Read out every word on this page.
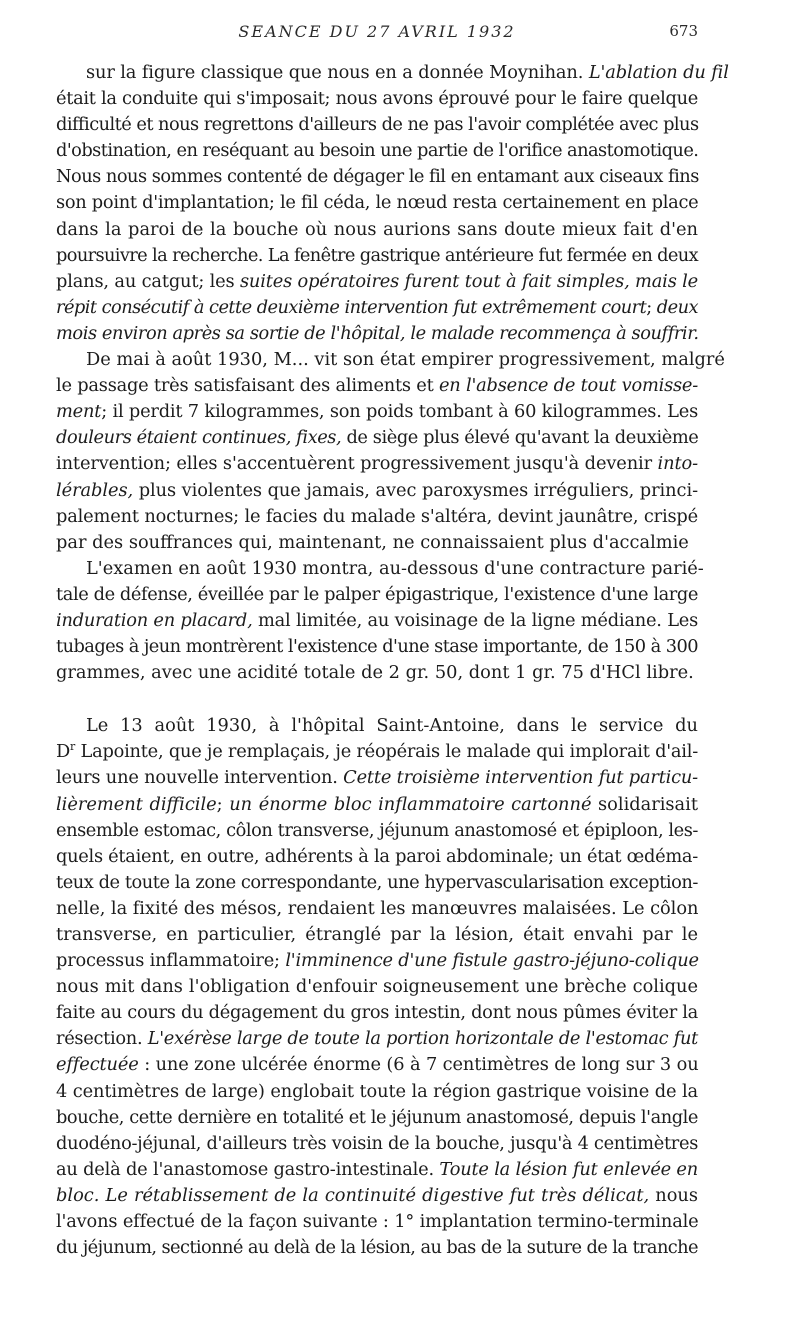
SEANCE DU 27 AVRIL 1932	673
sur la figure classique que nous en a donnée Moynihan. L'ablation du fil
était la conduite qui s'imposait; nous avons éprouvé pour le faire quelque
difficulté et nous regrettons d'ailleurs de ne pas l'avoir complétée avec plus
d'obstination, en reséquant au besoin une partie de l'orifice anastomotique.
Nous nous sommes contenté de dégager le fil en entamant aux ciseaux fins
son point d'implantation; le fil céda, le nœud resta certainement en place
dans la paroi de la bouche où nous aurions sans doute mieux fait d'en
poursuivre la recherche. La fenêtre gastrique antérieure fut fermée en deux
plans, au catgut; les suites opératoires furent tout à fait simples, mais le
répit consécutif à cette deuxième intervention fut extrêmement court; deux
mois environ après sa sortie de l'hôpital, le malade recommença à souffrir.
De mai à août 1930, M... vit son état empirer progressivement, malgré
le passage très satisfaisant des aliments et en l'absence de tout vomisse-
ment; il perdit 7 kilogrammes, son poids tombant à 60 kilogrammes. Les
douleurs étaient continues, fixes, de siège plus élevé qu'avant la deuxième
intervention; elles s'accentuèrent progressivement jusqu'à devenir into-
lérables, plus violentes que jamais, avec paroxysmes irréguliers, princi-
palement nocturnes; le facies du malade s'altéra, devint jaunâtre, crispé
par des souffrances qui, maintenant, ne connaissaient plus d'accalmie
L'examen en août 1930 montra, au-dessous d'une contracture parié-
tale de défense, éveillée par le palper épigastrique, l'existence d'une large
induration en placard, mal limitée, au voisinage de la ligne médiane. Les
tubages à jeun montrèrent l'existence d'une stase importante, de 150 à 300
grammes, avec une acidité totale de 2 gr. 50, dont 1 gr. 75 d'HCl libre.
Le 13 août 1930, à l'hôpital Saint-Antoine, dans le service du
$D^r$ Lapointe, que je remplaçais, je réopérais le malade qui implorait d'ail-
leurs une nouvelle intervention. Cette troisième intervention fut particu-
lièrement difficile; un énorme bloc inflammatoire cartonné solidarisait
ensemble estomac, côlon transverse, jéjunum anastomosé et épiploon, les-
quels étaient, en outre, adhérents à la paroi abdominale; un état œdéma-
teux de toute la zone correspondante, une hypervascularisation exception-
nelle, la fixité des mésos, rendaient les manœuvres malaisées. Le côlon
transverse, en particulier, étranglé par la lésion, était envahi par le
processus inflammatoire; l'imminence d'une fistule gastro-jéjuno-colique
nous mit dans l'obligation d'enfouir soigneusement une brèche colique
faite au cours du dégagement du gros intestin, dont nous pûmes éviter la
résection. L'exérèse large de toute la portion horizontale de l'estomac fut
effectuée : une zone ulcérée énorme (6 à 7 centimètres de long sur 3 ou
4 centimètres de large) englobait toute la région gastrique voisine de la
bouche, cette dernière en totalité et le jéjunum anastomosé, depuis l'angle
duodéno-jéjunal, d'ailleurs très voisin de la bouche, jusqu'à 4 centimètres
au delà de l'anastomose gastro-intestinale. Toute la lésion fut enlevée en
bloc. Le rétablissement de la continuité digestive fut très délicat, nous
l'avons effectué de la façon suivante : 1° implantation termino-terminale
du jéjunum, sectionné au delà de la lésion, au bas de la suture de la tranche
